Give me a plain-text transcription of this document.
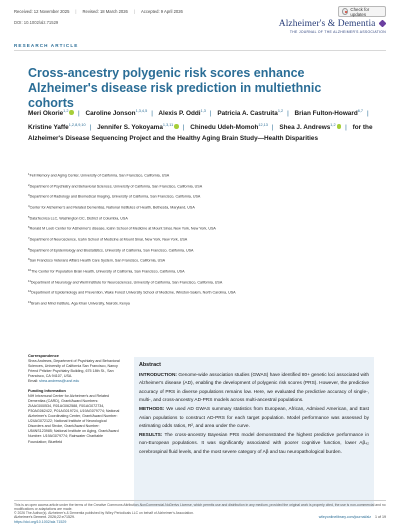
Received: 12 November 2025 | Revised: 18 March 2026 | Accepted: 9 April 2026	Check for updates
DOI: 10.1002/alz.71529	Alzheimer's & Dementia
THE JOURNAL OF THE ALZHEIMER'S ASSOCIATION
RESEARCH ARTICLE
Cross-ancestry polygenic risk scores enhance Alzheimer's disease risk prediction in multiethnic cohorts
Meri Okorie$^{1,2}$ | Caroline Jonson$^{1,3,4,5}$ | Alexis P. Oddi$^{1,3}$ | Patricia A. Castruita$^{1,2}$ | Brian Fulton-Howard$^{6,7}$ | Kristine Yaffe$^{1,2,8,9,10}$ | Jennifer S. Yokoyama$^{1,3,11}$ | Chinedu Udeh-Momoh$^{12,13}$ | Shea J. Andrews$^{1,2}$ | for the Alzheimer's Disease Sequencing Project and the Healthy Aging Brain Study—Health Disparities
$^1$Feil Memory and Aging Center, University of California, San Francisco, California, USA
$^2$Department of Psychiatry and Behavioral Sciences, University of California, San Francisco, California, USA
$^3$Department of Radiology and Biomedical Imaging, University of California, San Francisco, California, USA
$^4$Center for Alzheimer's and Related Dementias, National Institutes of Health, Bethesda, Maryland, USA
$^5$DataTecnica LLC, Washington DC, District of Columbia, USA
$^6$Ronald M Loeb Center for Alzheimer's disease, Icahn School of Medicine at Mount Sinai, New York, New York, USA
$^7$Department of Neuroscience, Icahn School of Medicine at Mount Sinai, New York, New York, USA
$^8$Department of Epidemiology and Biostatistics, University of California, San Francisco, California, USA
$^9$San Francisco Veterans Affairs Health Care System, San Francisco, California, USA
$^{10}$The Center for Population Brain Health, University of California, San Francisco, California, USA
$^{11}$Department of Neurology and Weill Institute for Neurosciences, University of California, San Francisco, California, USA
$^{12}$Department of Epidemiology and Prevention, Wake Forest University School of Medicine, Winston-Salem, North Carolina, USA
$^{13}$Brain and Mind Institute, Aga Khan University, Nairobi, Kenya
Correspondence
Shea Andrews, Department of Psychiatry and Behavioral Sciences, University of California San Francisco, Nancy Friend Pritzker Psychiatry Building, 675 18th St., San Francisco, CA 94107, USA.
Email: shea.andrews@ucsf.edu
Funding information
NIH Intramural Center for Alzheimer's and Related Dementias (CARD), Grant/Award Numbers: ZIAAG000534, R01AG062588, R01AG072734, P30AG062422, P01AG019724, U19AG079774; National Alzheimer's Coordinating Center, Grant/Award Number: U24AG072122; National Institute of Neurological Disorders and Stroke, Grant/Award Number: U54NS123985; National Institute on Aging, Grant/Award Number: U19AG079774; Rainwater Charitable Foundation; Bluefield
Abstract

INTRODUCTION: Genome-wide association studies (GWAS) have identified 80+ genetic loci associated with Alzheimer's disease (AD), enabling the development of polygenic risk scores (PRS). However, the predictive accuracy of PRS in diverse populations remains low. Here, we evaluated the predictive accuracy of single-, multi-, and cross-ancestry AD-PRS models across multi-ancestral populations.

METHODS: We used AD GWAS summary statistics from European, African, Admixed American, and East Asian populations to construct AD-PRS for each target population. Model performance was assessed by estimating odds ratios, R², and area under the curve.

RESULTS: The cross-ancestry Bayesian PRS model demonstrated the highest predictive performance in non-European populations. It was significantly associated with poorer cognitive function, lower Aβ₄₂ cerebrospinal fluid levels, and the most severe category of Aβ and tau neuropathological burden.

This is an open access article under the terms of the Creative Commons Attribution-NonCommercial-NoDerivs License, which permits use and distribution in any medium, provided the original work is properly cited, the use is non-commercial and no modifications or adaptations are made.
© 2026 The Author(s). Alzheimer's & Dementia published by Wiley Periodicals LLC on behalf of Alzheimer's Association.
Alzheimer's Dement. 2026;22:e71529.
https://doi.org/10.1002/alz.71529
wileyonlinelibrary.com/journal/alz 1 of 19
